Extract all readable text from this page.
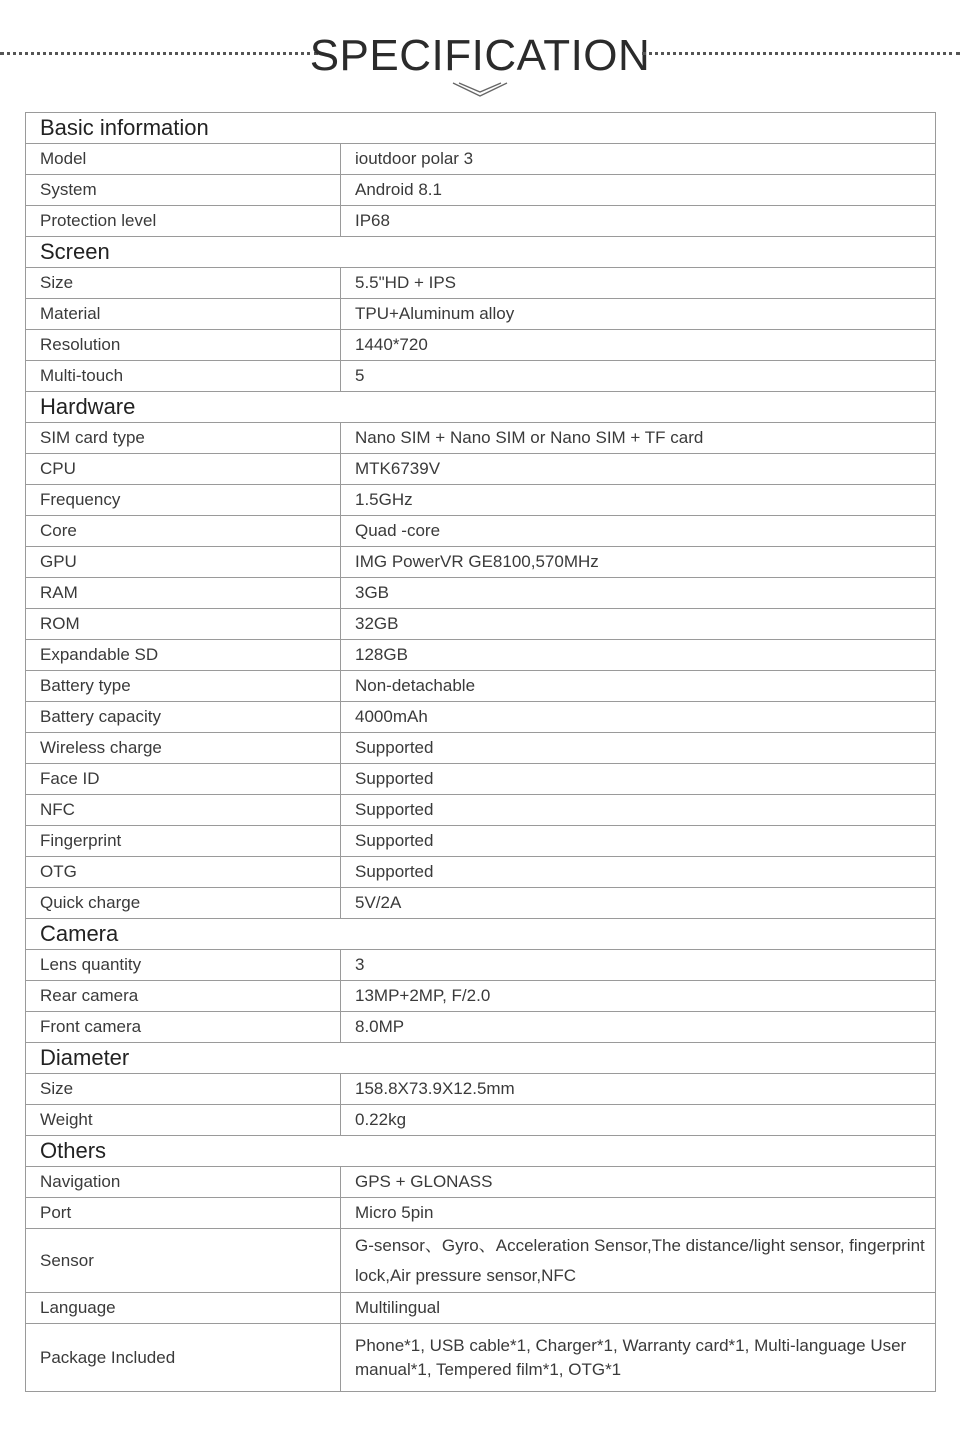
SPECIFICATION
Basic information	
Model	ioutdoor polar 3
System	Android 8.1
Protection level	IP68
Screen	
Size	5.5"HD + IPS
Material	TPU+Aluminum alloy
Resolution	1440*720
Multi-touch	5
Hardware	
SIM card type	Nano SIM + Nano SIM or Nano SIM + TF card
CPU	MTK6739V
Frequency	1.5GHz
Core	Quad -core
GPU	IMG PowerVR GE8100,570MHz
RAM	3GB
ROM	32GB
Expandable SD	128GB
Battery type	Non-detachable
Battery capacity	4000mAh
Wireless charge	Supported
Face ID	Supported
NFC	Supported
Fingerprint	Supported
OTG	Supported
Quick charge	5V/2A
Camera	
Lens quantity	3
Rear camera	13MP+2MP, F/2.0
Front camera	8.0MP
Diameter	
Size	158.8X73.9X12.5mm
Weight	0.22kg
Others	
Navigation	GPS + GLONASS
Port	Micro 5pin
Sensor	G-sensor、Gyro、Acceleration Sensor,The distance/light sensor, fingerprint lock,Air pressure sensor,NFC
Language	Multilingual
Package Included	Phone*1, USB cable*1, Charger*1, Warranty card*1, Multi-language User manual*1, Tempered film*1, OTG*1
